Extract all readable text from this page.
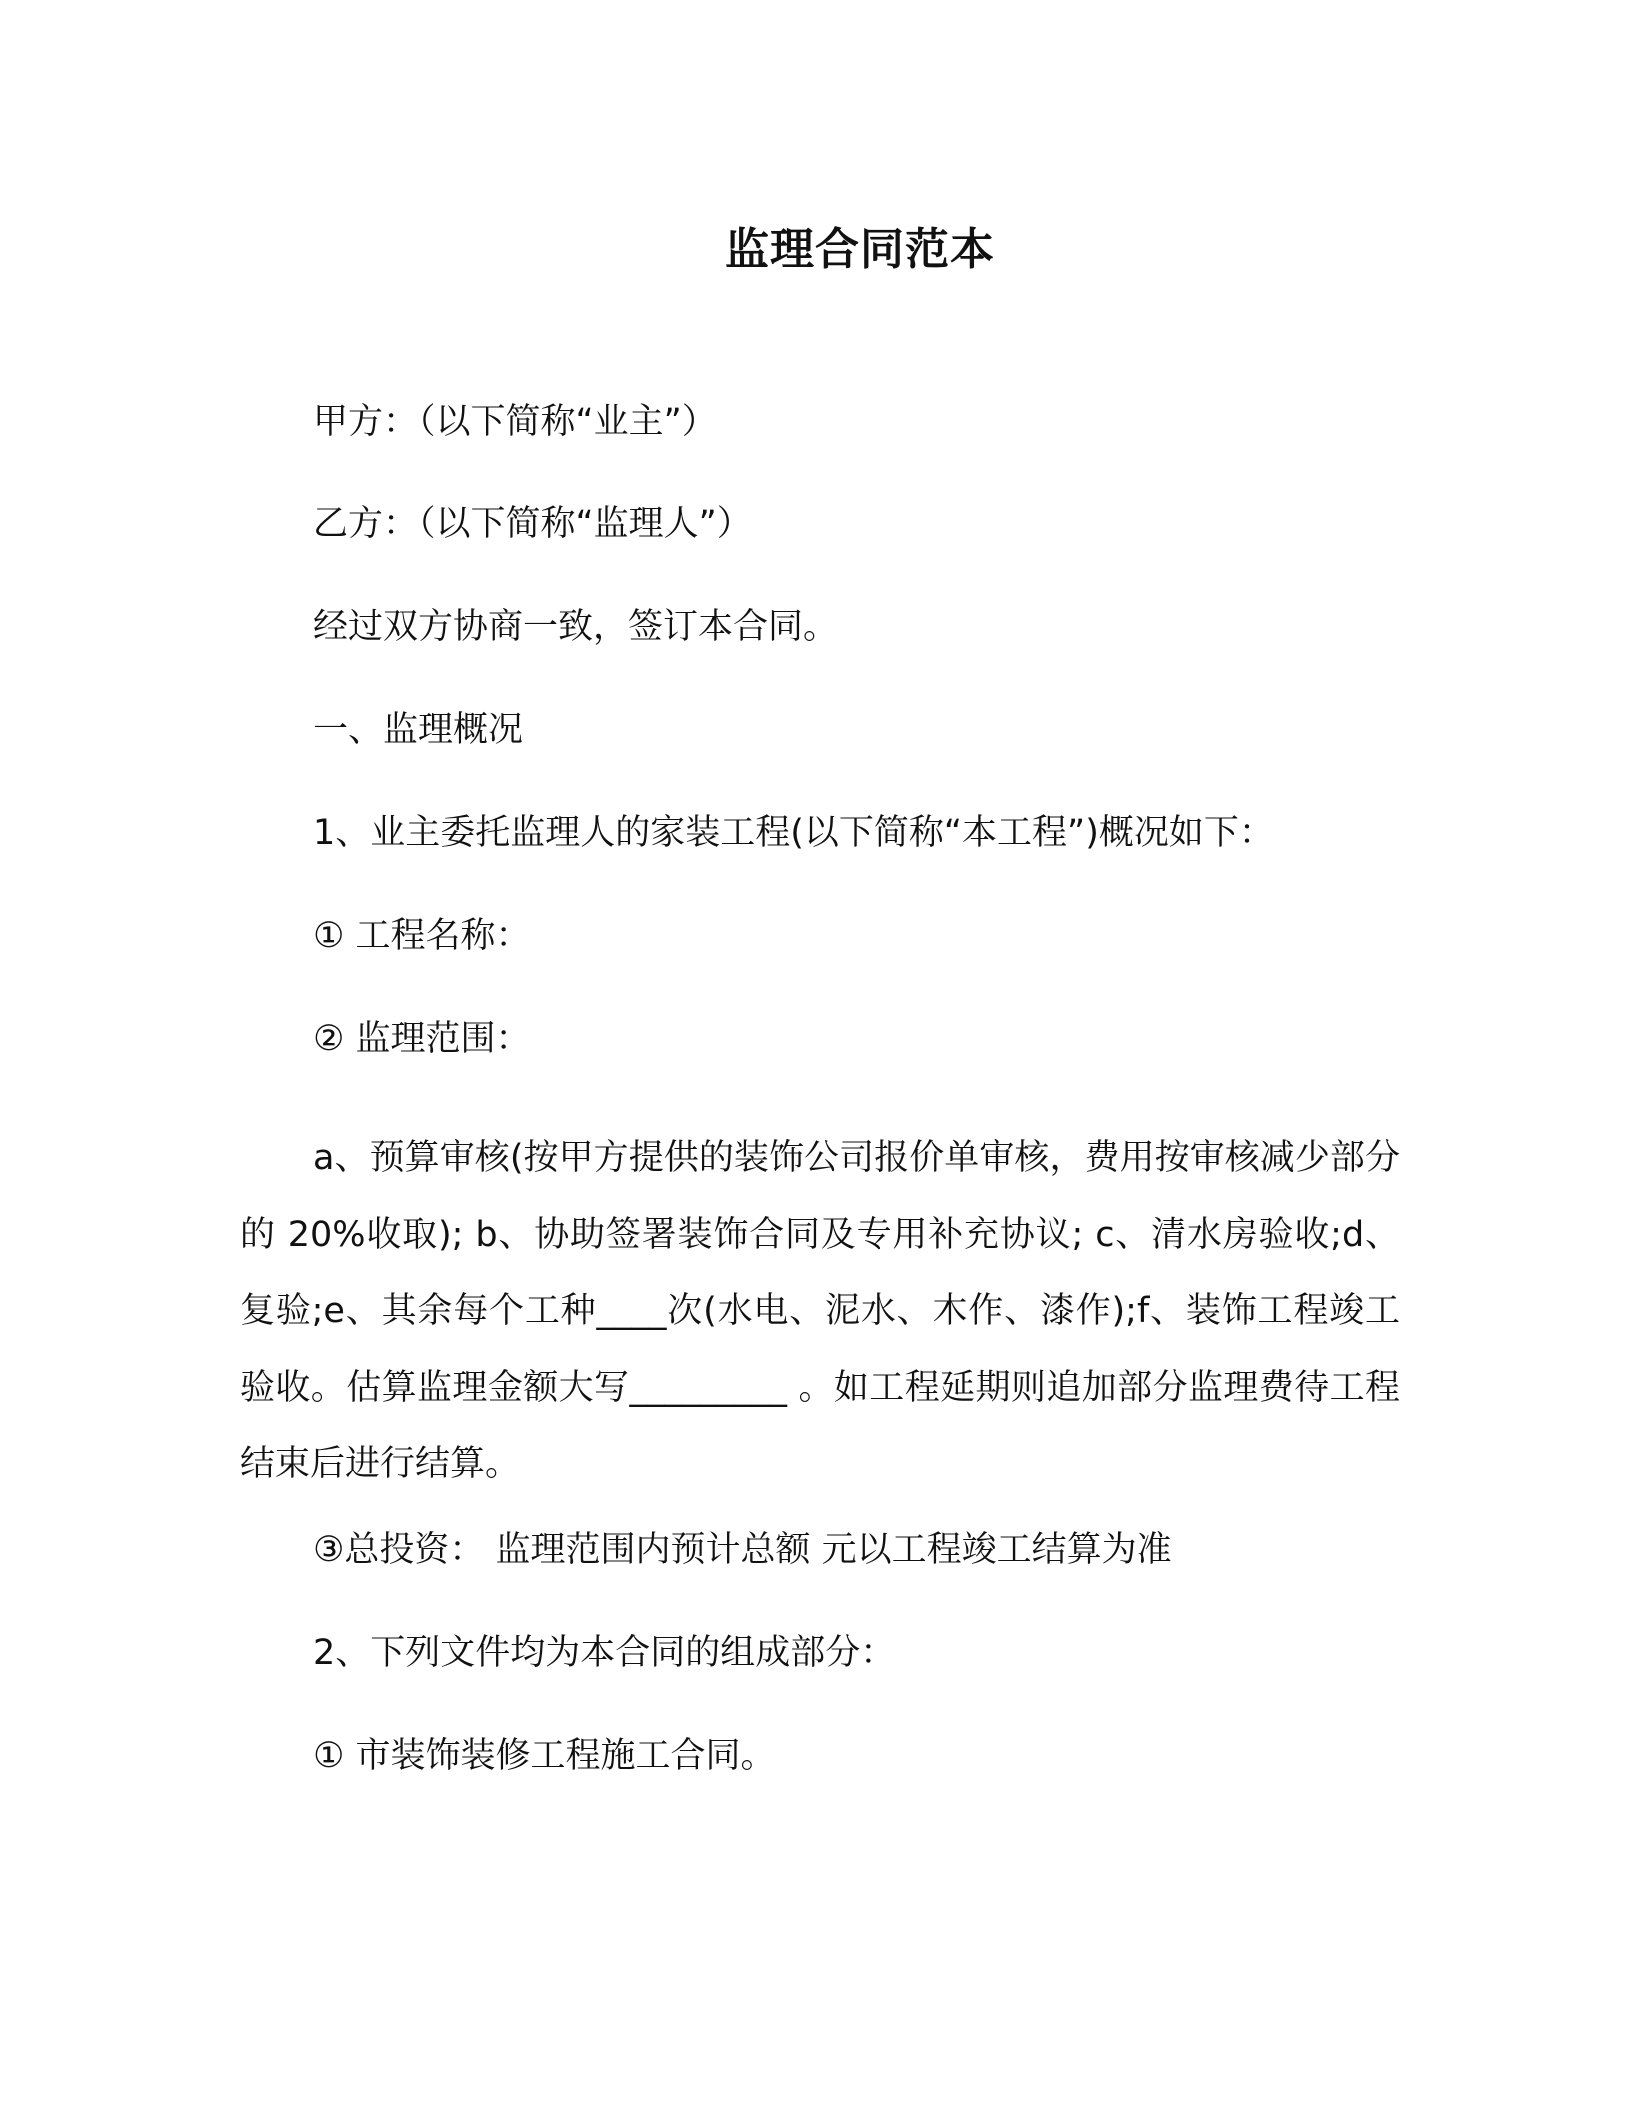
监理合同范本
甲方：（以下简称“业主”）
乙方：（以下简称“监理人”）
经过双方协商一致，签订本合同。
一、监理概况
1、业主委托监理人的家装工程(以下简称“本工程”)概况如下：
① 工程名称：
② 监理范围：
a、预算审核(按甲方提供的装饰公司报价单审核，费用按审核减少部分的 20%收取); b、协助签署装饰合同及专用补充协议; c、清水房验收;d、复验;e、其余每个工种____次(水电、泥水、木作、漆作);f、装饰工程竣工验收。估算监理金额大写_________ 。如工程延期则追加部分监理费待工程结束后进行结算。
③总投资： 监理范围内预计总额 元以工程竣工结算为准
2、下列文件均为本合同的组成部分：
① 市装饰装修工程施工合同。
